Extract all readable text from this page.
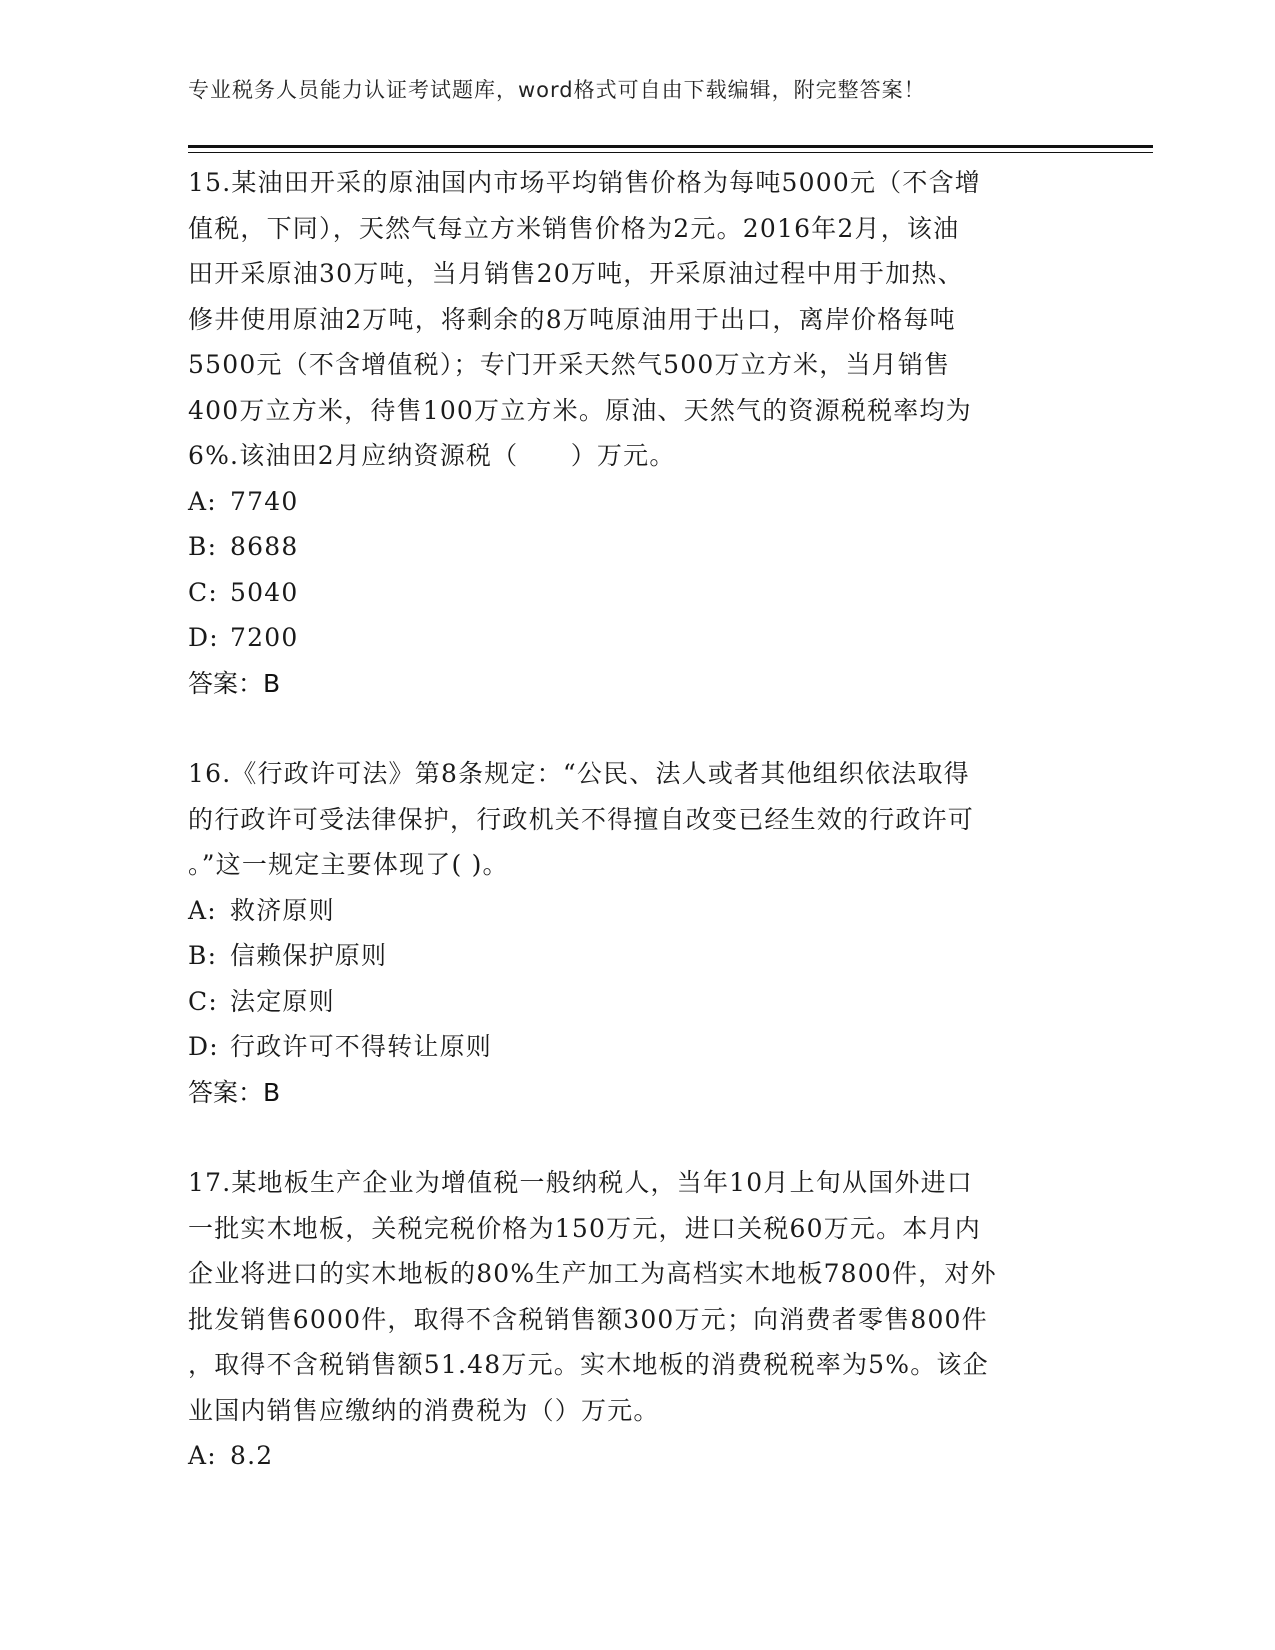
专业税务人员能力认证考试题库，word格式可自由下载编辑，附完整答案！
15.某油田开采的原油国内市场平均销售价格为每吨5000元（不含增
值税，下同），天然气每立方米销售价格为2元。2016年2月，该油
田开采原油30万吨，当月销售20万吨，开采原油过程中用于加热、
修井使用原油2万吨，将剩余的8万吨原油用于出口，离岸价格每吨
5500元（不含增值税）；专门开采天然气500万立方米，当月销售
400万立方米，待售100万立方米。原油、天然气的资源税税率均为
6%.该油田2月应纳资源税（　　）万元。
A: 7740
B: 8688
C: 5040
D: 7200
答案：B
16.《行政许可法》第8条规定：“公民、法人或者其他组织依法取得
的行政许可受法律保护，行政机关不得擅自改变已经生效的行政许可
。”这一规定主要体现了( )。
A: 救济原则
B: 信赖保护原则
C: 法定原则
D: 行政许可不得转让原则
答案：B
17.某地板生产企业为增值税一般纳税人，当年10月上旬从国外进口
一批实木地板，关税完税价格为150万元，进口关税60万元。本月内
企业将进口的实木地板的80%生产加工为高档实木地板7800件，对外
批发销售6000件，取得不含税销售额300万元；向消费者零售800件
，取得不含税销售额51.48万元。实木地板的消费税税率为5%。该企
业国内销售应缴纳的消费税为（）万元。
A: 8.2
